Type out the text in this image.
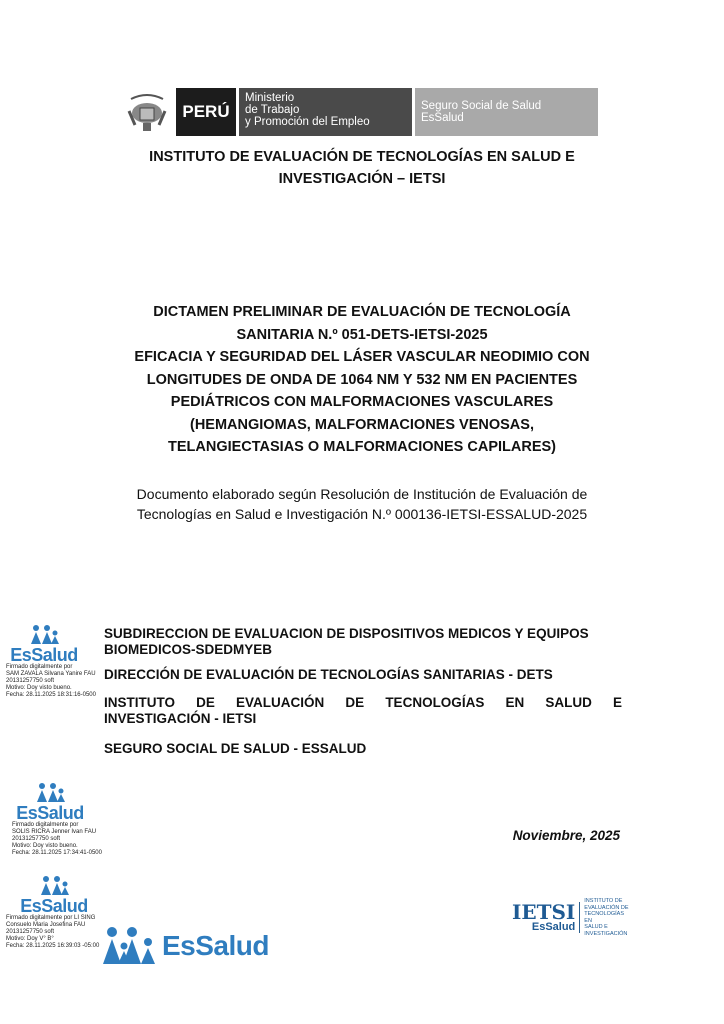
PERÚ
Ministerio
de Trabajo
y Promoción del Empleo
Seguro Social de Salud
EsSalud
INSTITUTO DE EVALUACIÓN DE TECNOLOGÍAS EN SALUD E
INVESTIGACIÓN – IETSI
DICTAMEN PRELIMINAR DE EVALUACIÓN DE TECNOLOGÍA
SANITARIA N.º 051-DETS-IETSI-2025
EFICACIA Y SEGURIDAD DEL LÁSER VASCULAR NEODIMIO CON
LONGITUDES DE ONDA DE 1064 NM Y 532 NM EN PACIENTES
PEDIÁTRICOS CON MALFORMACIONES VASCULARES
(HEMANGIOMAS, MALFORMACIONES VENOSAS,
TELANGIECTASIAS O MALFORMACIONES CAPILARES)
Documento elaborado según Resolución de Institución de Evaluación de
Tecnologías en Salud e Investigación N.º 000136-IETSI-ESSALUD-2025
SUBDIRECCION DE EVALUACION DE DISPOSITIVOS MEDICOS Y EQUIPOS
BIOMEDICOS-SDEDMYEB
DIRECCIÓN DE EVALUACIÓN DE TECNOLOGÍAS SANITARIAS - DETS
INSTITUTO DE EVALUACIÓN DE TECNOLOGÍAS EN SALUD E
INVESTIGACIÓN - IETSI
SEGURO SOCIAL DE SALUD - ESSALUD
Noviembre, 2025
EsSalud
Firmado digitalmente por
SAM ZAVALA Silvana Yanire FAU
20131257750 soft
Motivo: Doy visto bueno.
Fecha: 28.11.2025 18:31:16-0500
EsSalud
Firmado digitalmente por
SOLIS RICRA Jenner Ivan FAU
20131257750 soft
Motivo: Doy visto bueno.
Fecha: 28.11.2025 17:34:41-0500
EsSalud
Firmado digitalmente por LI SING
Consuelo Maria Josefina FAU
20131257750 soft
Motivo: Doy V° B°
Fecha: 28.11.2025 16:39:03 -05:00 EsSalud
IETSI
EsSalud
INSTITUTO DE
EVALUACIÓN DE
TECNOLOGÍAS EN
SALUD E
INVESTIGACIÓN
